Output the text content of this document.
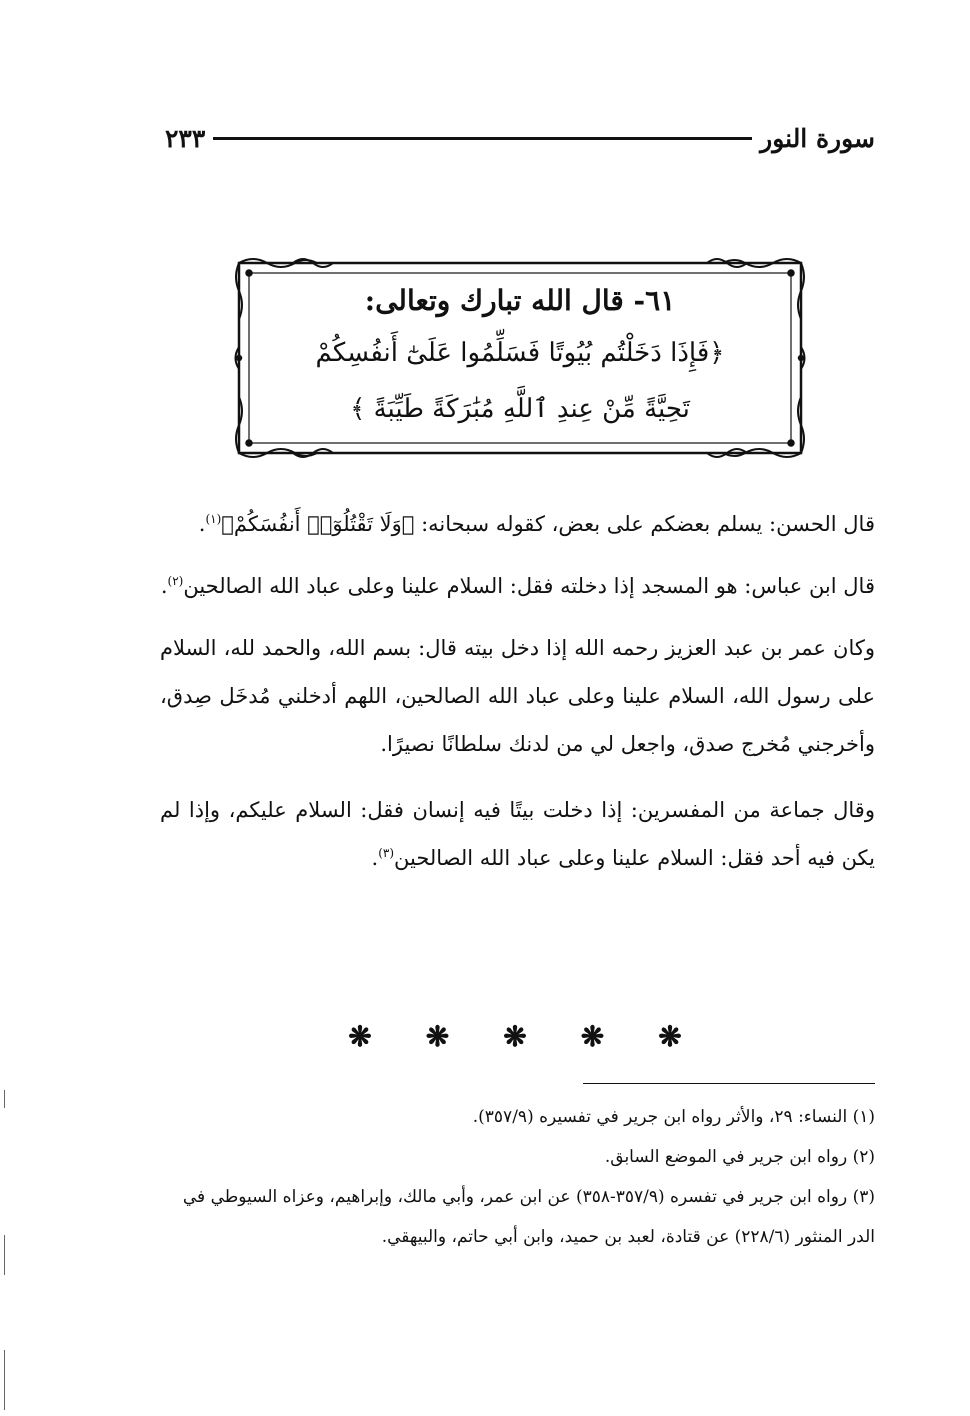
سورة النور
٢٣٣
٦١- قال الله تبارك وتعالى:
﴿فَإِذَا دَخَلْتُم بُيُوتًا فَسَلِّمُوا عَلَىٰٓ أَنفُسِكُمْ
تَحِيَّةً مِّنْ عِندِ ٱللَّهِ مُبَٰرَكَةً طَيِّبَةً ﴾

قال الحسن: يسلم بعضكم على بعض، كقوله سبحانه: ﴿وَلَا تَقْتُلُوٓا۟ أَنفُسَكُمْ﴾$^{(١)}$.

قال ابن عباس: هو المسجد إذا دخلته فقل: السلام علينا وعلى عباد الله الصالحين$^{(٢)}$.

وكان عمر بن عبد العزيز رحمه الله إذا دخل بيته قال: بسم الله، والحمد لله، السلام على رسول الله، السلام علينا وعلى عباد الله الصالحين، اللهم أدخلني مُدخَل صِدق، وأخرجني مُخرج صدق، واجعل لي من لدنك سلطانًا نصيرًا.

وقال جماعة من المفسرين: إذا دخلت بيتًا فيه إنسان فقل: السلام عليكم، وإذا لم يكن فيه أحد فقل: السلام علينا وعلى عباد الله الصالحين$^{(٣)}$.

❋ ❋ ❋ ❋ ❋

(١) النساء: ٢٩، والأثر رواه ابن جرير في تفسيره (٣٥٧/٩).

(٢) رواه ابن جرير في الموضع السابق.

(٣) رواه ابن جرير في تفسره (٣٥٧/٩-٣٥٨) عن ابن عمر، وأبي مالك، وإبراهيم، وعزاه السيوطي في الدر المنثور (٢٢٨/٦) عن قتادة، لعبد بن حميد، وابن أبي حاتم، والبيهقي.
